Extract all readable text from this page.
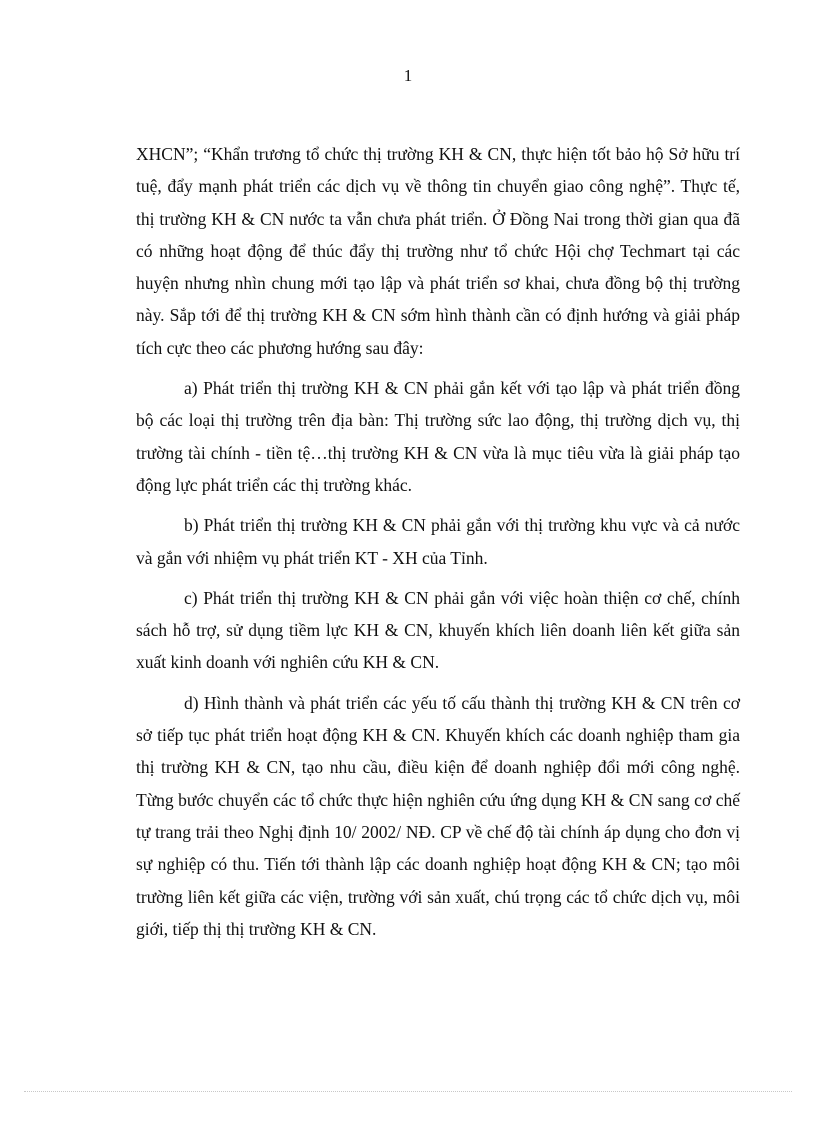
1

XHCN”; “Khẩn trương tổ chức thị trường KH & CN, thực hiện tốt bảo hộ Sở hữu trí tuệ, đẩy mạnh phát triển các dịch vụ về thông tin chuyển giao công nghệ”. Thực tế, thị trường KH & CN nước ta vẫn chưa phát triển. Ở Đồng Nai trong thời gian qua đã có những hoạt động để thúc đẩy thị trường như tổ chức Hội chợ Techmart tại các huyện nhưng nhìn chung mới tạo lập và phát triển sơ khai, chưa đồng bộ thị trường này. Sắp tới để thị trường KH & CN sớm hình thành cần có định hướng và giải pháp tích cực theo các phương hướng sau đây:

a) Phát triển thị trường KH & CN phải gắn kết với tạo lập và phát triển đồng bộ các loại thị trường trên địa bàn: Thị trường sức lao động, thị trường dịch vụ, thị trường tài chính - tiền tệ…thị trường KH & CN vừa là mục tiêu vừa là giải pháp tạo động lực phát triển các thị trường khác.

b) Phát triển thị trường KH & CN phải gắn với thị trường khu vực và cả nước và gắn với nhiệm vụ phát triển KT - XH của Tỉnh.

c) Phát triển thị trường KH & CN phải gắn với việc hoàn thiện cơ chế, chính sách hỗ trợ, sử dụng tiềm lực KH & CN, khuyến khích liên doanh liên kết giữa sản xuất kinh doanh với nghiên cứu KH & CN.

d) Hình thành và phát triển các yếu tố cấu thành thị trường KH & CN trên cơ sở tiếp tục phát triển hoạt động KH & CN. Khuyến khích các doanh nghiệp tham gia thị trường KH & CN, tạo nhu cầu, điều kiện để doanh nghiệp đổi mới công nghệ. Từng bước chuyển các tổ chức thực hiện nghiên cứu ứng dụng KH & CN sang cơ chế tự trang trải theo Nghị định 10/ 2002/ NĐ. CP về chế độ tài chính áp dụng cho đơn vị sự nghiệp có thu. Tiến tới thành lập các doanh nghiệp hoạt động KH & CN; tạo môi trường liên kết giữa các viện, trường với sản xuất, chú trọng các tổ chức dịch vụ, môi giới, tiếp thị thị trường KH & CN.
